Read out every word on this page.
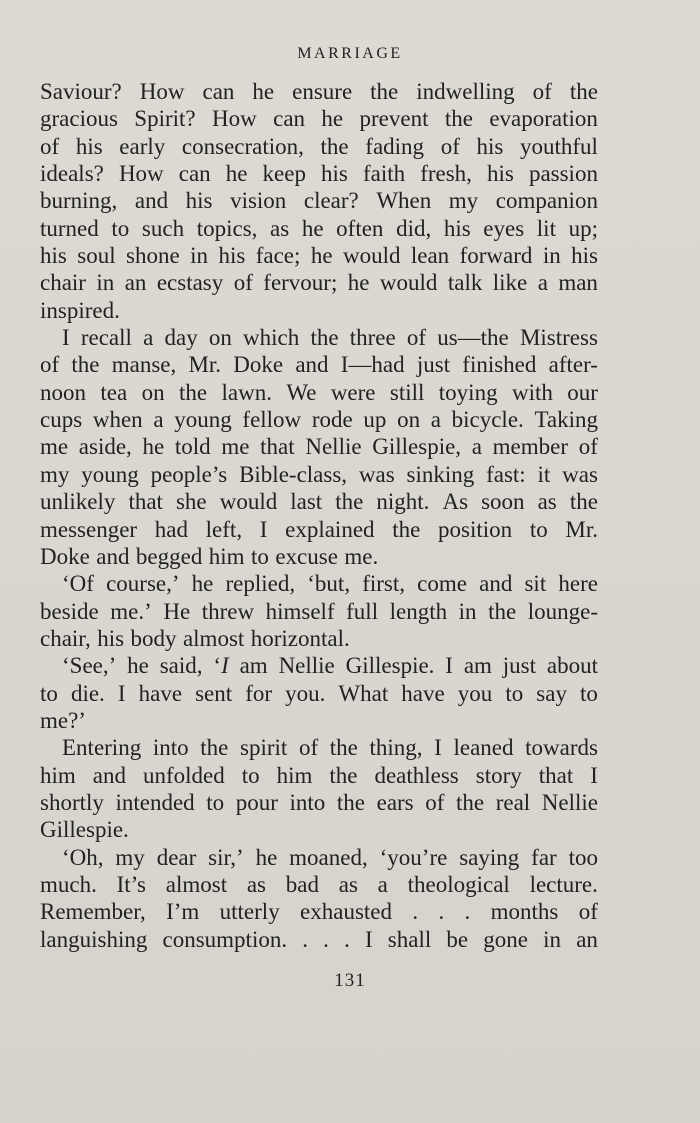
MARRIAGE
Saviour? How can he ensure the indwelling of the
gracious Spirit? How can he prevent the evaporation
of his early consecration, the fading of his youthful
ideals? How can he keep his faith fresh, his passion
burning, and his vision clear? When my companion
turned to such topics, as he often did, his eyes lit up;
his soul shone in his face; he would lean forward in his
chair in an ecstasy of fervour; he would talk like a man
inspired.
I recall a day on which the three of us—the Mistress
of the manse, Mr. Doke and I—had just finished after-
noon tea on the lawn. We were still toying with our
cups when a young fellow rode up on a bicycle. Taking
me aside, he told me that Nellie Gillespie, a member of
my young people’s Bible-class, was sinking fast: it was
unlikely that she would last the night. As soon as the
messenger had left, I explained the position to Mr.
Doke and begged him to excuse me.
‘Of course,’ he replied, ‘but, first, come and sit here
beside me.’ He threw himself full length in the lounge-
chair, his body almost horizontal.
‘See,’ he said, ‘I am Nellie Gillespie. I am just about
to die. I have sent for you. What have you to say to
me?’
Entering into the spirit of the thing, I leaned towards
him and unfolded to him the deathless story that I
shortly intended to pour into the ears of the real Nellie
Gillespie.
‘Oh, my dear sir,’ he moaned, ‘you’re saying far too
much. It’s almost as bad as a theological lecture.
Remember, I’m utterly exhausted . . . months of
languishing consumption. . . . I shall be gone in an
131
